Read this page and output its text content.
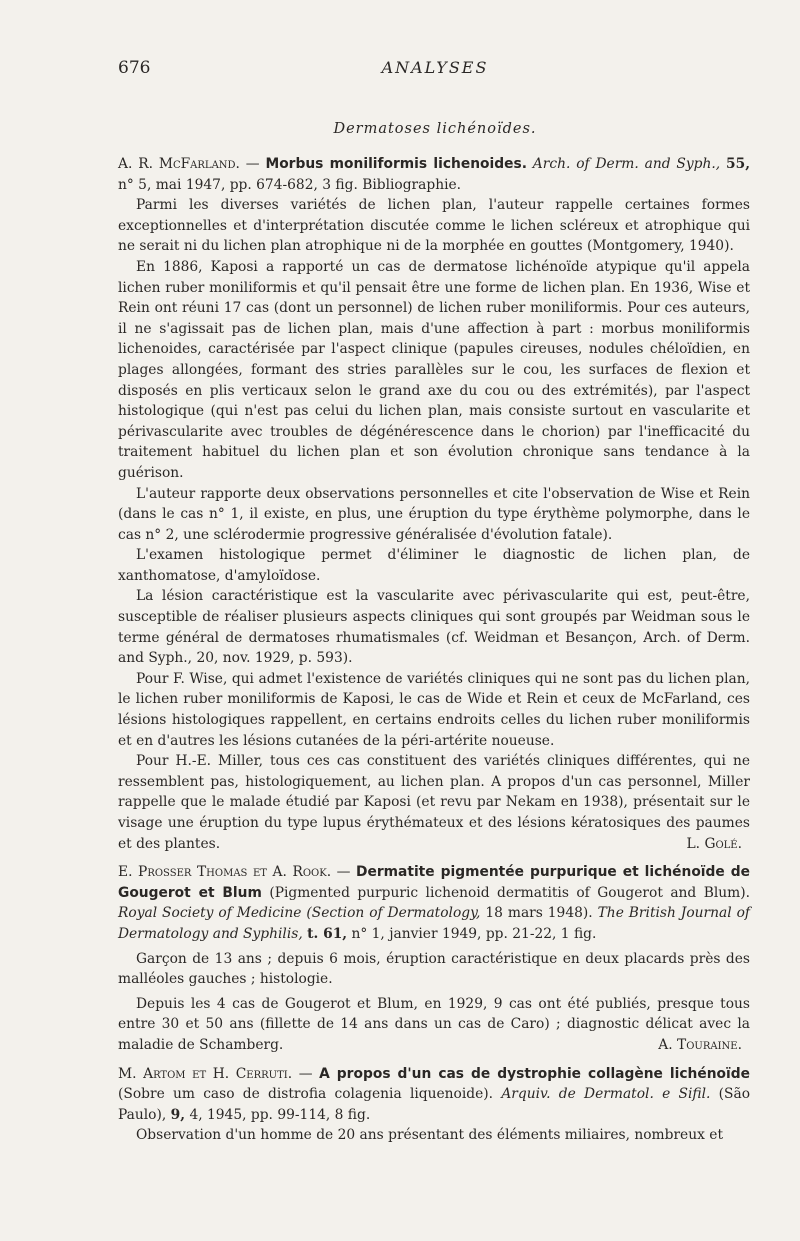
676	ANALYSES
Dermatoses lichénoïdes.

A. R. McFarland. — Morbus moniliformis lichenoides. Arch. of Derm. and Syph., 55, n° 5, mai 1947, pp. 674-682, 3 fig. Bibliographie.

Parmi les diverses variétés de lichen plan, l'auteur rappelle certaines formes exceptionnelles et d'interprétation discutée comme le lichen scléreux et atrophique qui ne serait ni du lichen plan atrophique ni de la morphée en gouttes (Montgomery, 1940).

En 1886, Kaposi a rapporté un cas de dermatose lichénoïde atypique qu'il appela lichen ruber moniliformis et qu'il pensait être une forme de lichen plan. En 1936, Wise et Rein ont réuni 17 cas (dont un personnel) de lichen ruber moniliformis. Pour ces auteurs, il ne s'agissait pas de lichen plan, mais d'une affection à part : morbus moniliformis lichenoides, caractérisée par l'aspect clinique (papules cireuses, nodules chéloïdien, en plages allongées, formant des stries parallèles sur le cou, les surfaces de flexion et disposés en plis verticaux selon le grand axe du cou ou des extrémités), par l'aspect histologique (qui n'est pas celui du lichen plan, mais consiste surtout en vascularite et périvascularite avec troubles de dégénérescence dans le chorion) par l'inefficacité du traitement habituel du lichen plan et son évolution chronique sans tendance à la guérison.

L'auteur rapporte deux observations personnelles et cite l'observation de Wise et Rein (dans le cas n° 1, il existe, en plus, une éruption du type érythème polymorphe, dans le cas n° 2, une sclérodermie progressive généralisée d'évolution fatale).

L'examen histologique permet d'éliminer le diagnostic de lichen plan, de xanthomatose, d'amyloïdose.

La lésion caractéristique est la vascularite avec périvascularite qui est, peut-être, susceptible de réaliser plusieurs aspects cliniques qui sont groupés par Weidman sous le terme général de dermatoses rhumatismales (cf. Weidman et Besançon, Arch. of Derm. and Syph., 20, nov. 1929, p. 593).

Pour F. Wise, qui admet l'existence de variétés cliniques qui ne sont pas du lichen plan, le lichen ruber moniliformis de Kaposi, le cas de Wide et Rein et ceux de McFarland, ces lésions histologiques rappellent, en certains endroits celles du lichen ruber moniliformis et en d'autres les lésions cutanées de la péri-artérite noueuse.

Pour H.-E. Miller, tous ces cas constituent des variétés cliniques différentes, qui ne ressemblent pas, histologiquement, au lichen plan. A propos d'un cas personnel, Miller rappelle que le malade étudié par Kaposi (et revu par Nekam en 1938), présentait sur le visage une éruption du type lupus érythémateux et des lésions kératosiques des paumes et des plantes.	L. Golé.

E. Prosser Thomas et A. Rook. — Dermatite pigmentée purpurique et lichénoïde de Gougerot et Blum (Pigmented purpuric lichenoid dermatitis of Gougerot and Blum). Royal Society of Medicine (Section of Dermatology, 18 mars 1948). The British Journal of Dermatology and Syphilis, t. 61, n° 1, janvier 1949, pp. 21-22, 1 fig.

Garçon de 13 ans ; depuis 6 mois, éruption caractéristique en deux placards près des malléoles gauches ; histologie.

Depuis les 4 cas de Gougerot et Blum, en 1929, 9 cas ont été publiés, presque tous entre 30 et 50 ans (fillette de 14 ans dans un cas de Caro) ; diagnostic délicat avec la maladie de Schamberg.	A. Touraine.

M. Artom et H. Cerruti. — A propos d'un cas de dystrophie collagène lichénoïde (Sobre um caso de distrofia colagenia liquenoide). Arquiv. de Dermatol. e Sifil. (São Paulo), 9, 4, 1945, pp. 99-114, 8 fig.

Observation d'un homme de 20 ans présentant des éléments miliaires, nombreux et
